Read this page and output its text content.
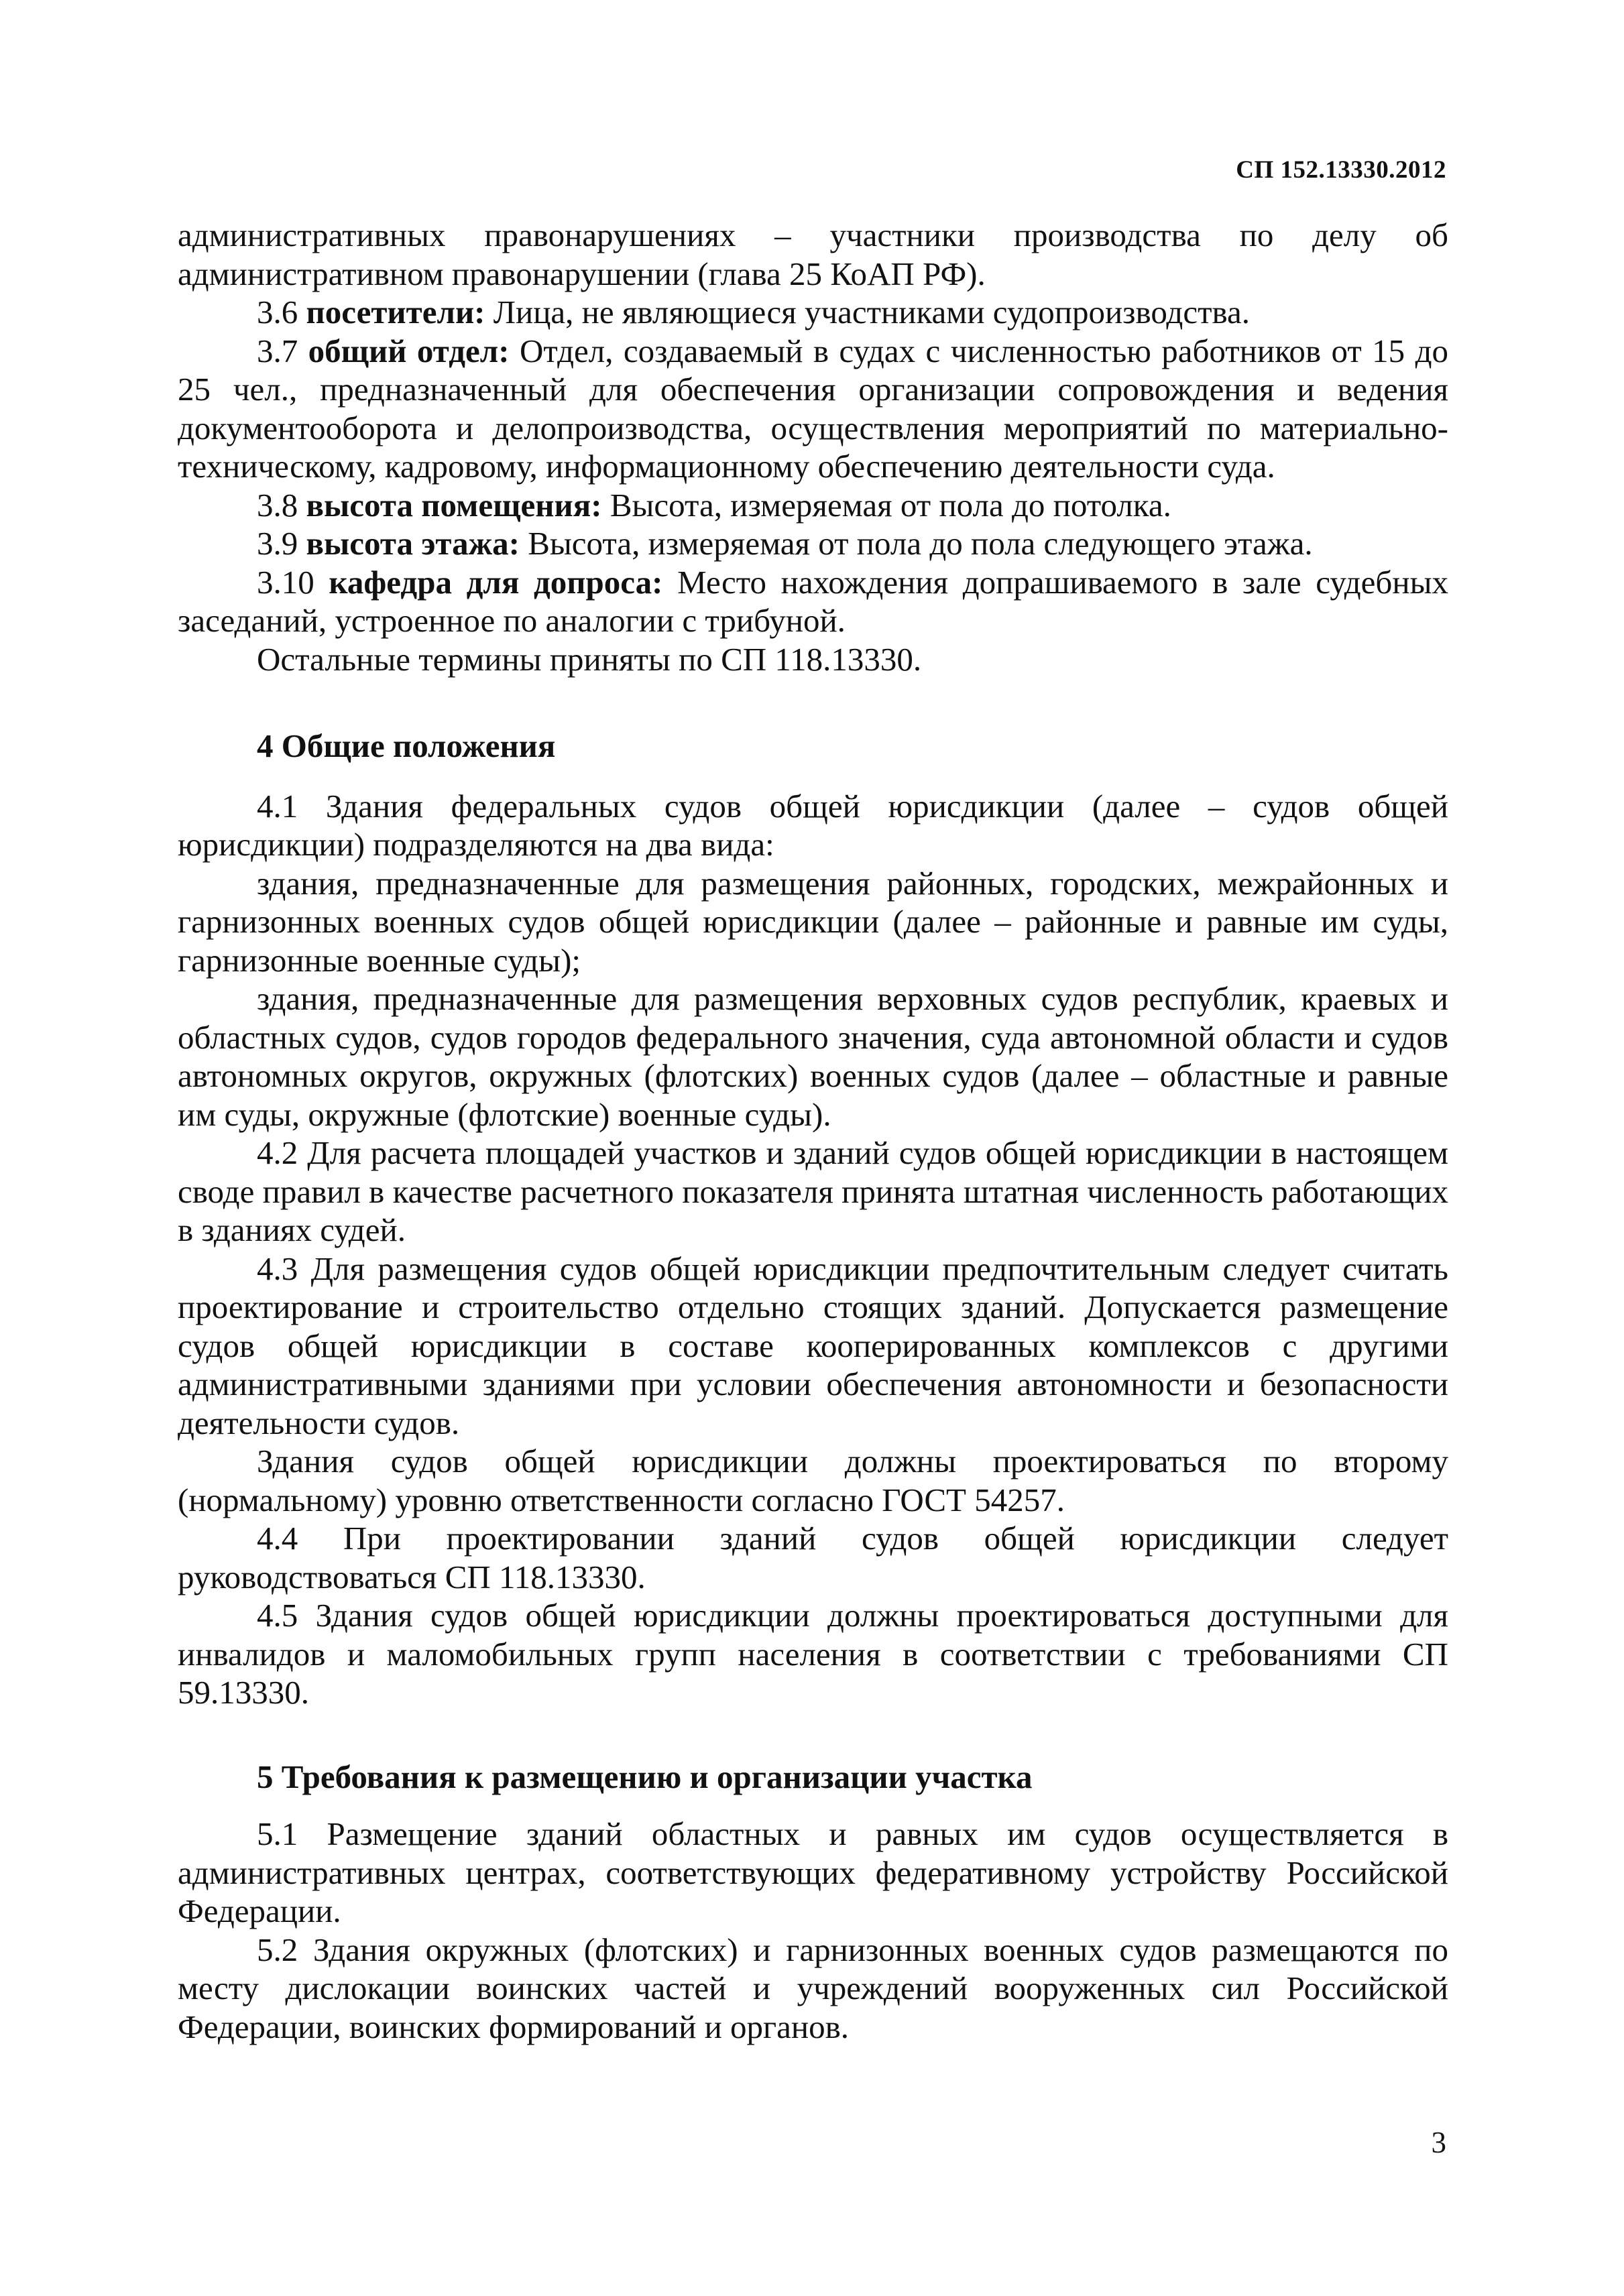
СП 152.13330.2012

административных правонарушениях – участники производства по делу об административном правонарушении (глава 25 КоАП РФ).

3.6 посетители: Лица, не являющиеся участниками судопроизводства.

3.7 общий отдел: Отдел, создаваемый в судах с численностью работников от 15 до 25 чел., предназначенный для обеспечения организации сопровождения и ведения документооборота и делопроизводства, осуществления мероприятий по материально-техническому, кадровому, информационному обеспечению деятельности суда.

3.8 высота помещения: Высота, измеряемая от пола до потолка.

3.9 высота этажа: Высота, измеряемая от пола до пола следующего этажа.

3.10 кафедра для допроса: Место нахождения допрашиваемого в зале судебных заседаний, устроенное по аналогии с трибуной.

Остальные термины приняты по СП 118.13330.

4 Общие положения

4.1 Здания федеральных судов общей юрисдикции (далее – судов общей юрисдикции) подразделяются на два вида:

здания, предназначенные для размещения районных, городских, межрайонных и гарнизонных военных судов общей юрисдикции (далее – районные и равные им суды, гарнизонные военные суды);

здания, предназначенные для размещения верховных судов республик, краевых и областных судов, судов городов федерального значения, суда автономной области и судов автономных округов, окружных (флотских) военных судов (далее – областные и равные им суды, окружные (флотские) военные суды).

4.2 Для расчета площадей участков и зданий судов общей юрисдикции в настоящем своде правил в качестве расчетного показателя принята штатная численность работающих в зданиях судей.

4.3 Для размещения судов общей юрисдикции предпочтительным следует считать проектирование и строительство отдельно стоящих зданий. Допускается размещение судов общей юрисдикции в составе кооперированных комплексов с другими административными зданиями при условии обеспечения автономности и безопасности деятельности судов.

Здания судов общей юрисдикции должны проектироваться по второму (нормальному) уровню ответственности согласно ГОСТ 54257.

4.4 При проектировании зданий судов общей юрисдикции следует руководствоваться СП 118.13330.

4.5 Здания судов общей юрисдикции должны проектироваться доступными для инвалидов и маломобильных групп населения в соответствии с требованиями СП 59.13330.

5 Требования к размещению и организации участка

5.1 Размещение зданий областных и равных им судов осуществляется в административных центрах, соответствующих федеративному устройству Российской Федерации.

5.2 Здания окружных (флотских) и гарнизонных военных судов размещаются по месту дислокации воинских частей и учреждений вооруженных сил Российской Федерации, воинских формирований и органов.

3
